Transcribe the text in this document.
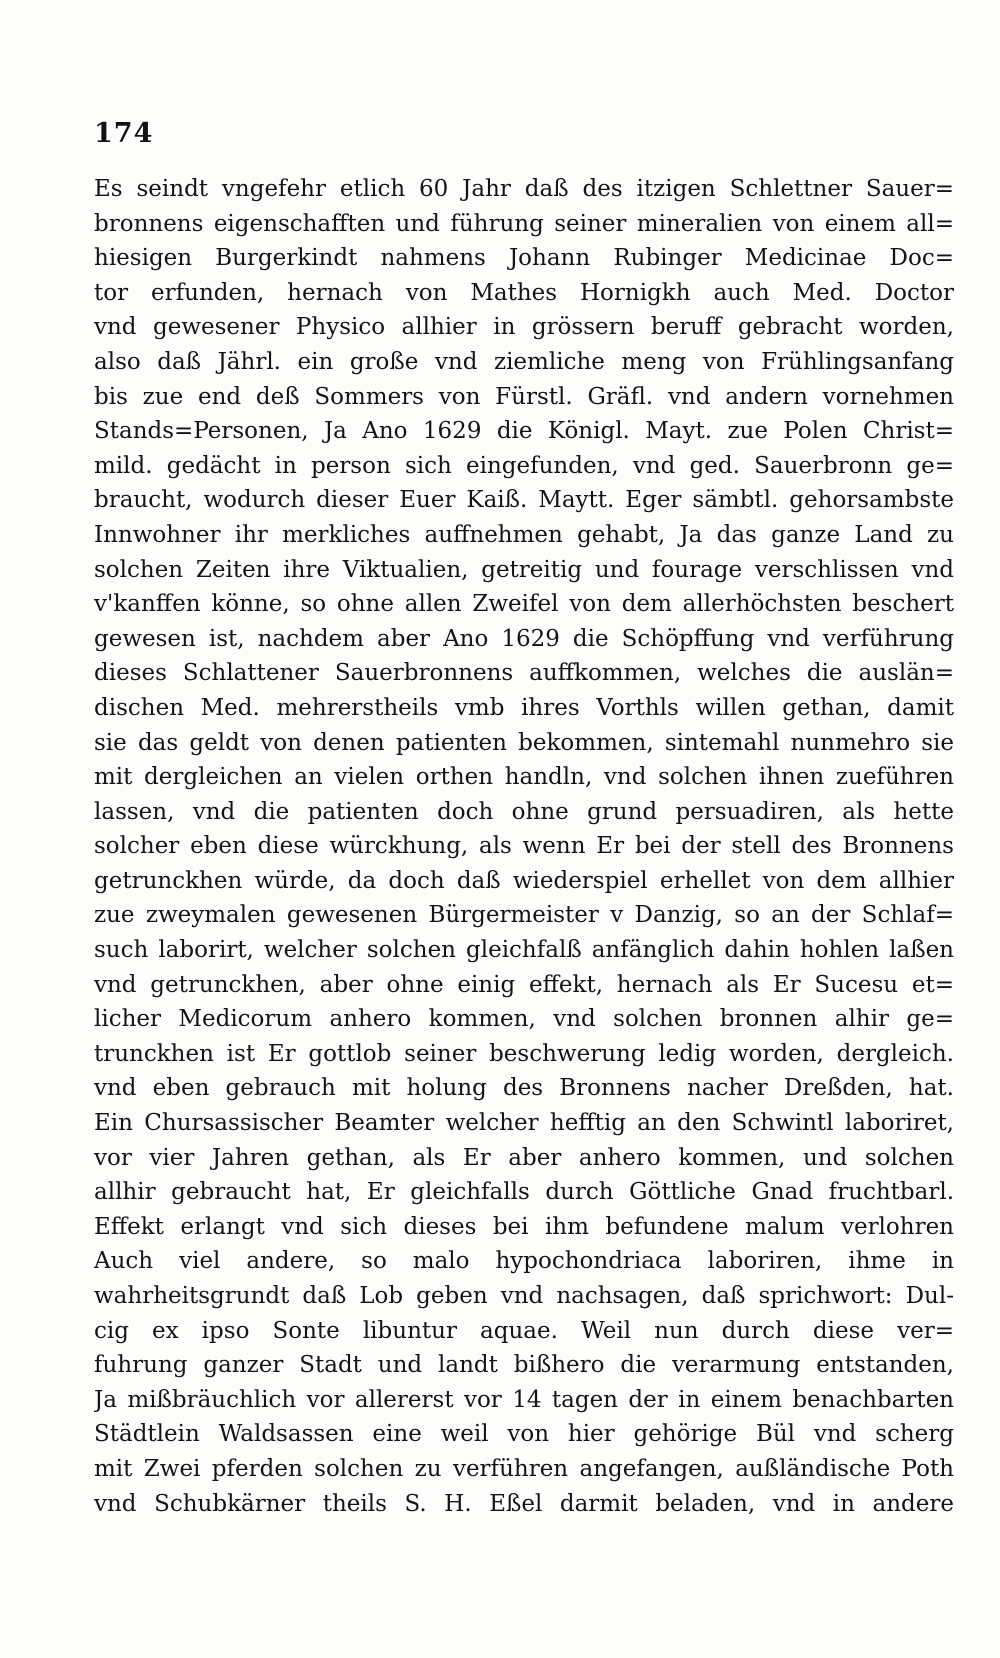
174
Es seindt vngefehr etlich 60 Jahr daß des itzigen Schlettner Sauer=
bronnens eigenschafften und führung seiner mineralien von einem all=
hiesigen Burgerkindt nahmens Johann Rubinger Medicinae Doc=
tor erfunden, hernach von Mathes Hornigkh auch Med. Doctor
vnd gewesener Physico allhier in grössern beruff gebracht worden,
also daß Jährl. ein große vnd ziemliche meng von Frühlingsanfang
bis zue end deß Sommers von Fürstl. Gräfl. vnd andern vornehmen
Stands=Personen, Ja Ano 1629 die Königl. Mayt. zue Polen Christ=
mild. gedächt in person sich eingefunden, vnd ged. Sauerbronn ge=
braucht, wodurch dieser Euer Kaiß. Maytt. Eger sämbtl. gehorsambste
Innwohner ihr merkliches auffnehmen gehabt, Ja das ganze Land zu
solchen Zeiten ihre Viktualien, getreitig und fourage verschlissen vnd
v'kanffen könne, so ohne allen Zweifel von dem allerhöchsten beschert
gewesen ist, nachdem aber Ano 1629 die Schöpffung vnd verführung
dieses Schlattener Sauerbronnens auffkommen, welches die auslän=
dischen Med. mehrerstheils vmb ihres Vorthls willen gethan, damit
sie das geldt von denen patienten bekommen, sintemahl nunmehro sie
mit dergleichen an vielen orthen handln, vnd solchen ihnen zueführen
lassen, vnd die patienten doch ohne grund persuadiren, als hette
solcher eben diese würckhung, als wenn Er bei der stell des Bronnens
getrunckhen würde, da doch daß wiederspiel erhellet von dem allhier
zue zweymalen gewesenen Bürgermeister v Danzig, so an der Schlaf=
such laborirt, welcher solchen gleichfalß anfänglich dahin hohlen laßen
vnd getrunckhen, aber ohne einig effekt, hernach als Er Sucesu et=
licher Medicorum anhero kommen, vnd solchen bronnen alhir ge=
trunckhen ist Er gottlob seiner beschwerung ledig worden, dergleich.
vnd eben gebrauch mit holung des Bronnens nacher Dreßden, hat.
Ein Chursassischer Beamter welcher hefftig an den Schwintl laboriret,
vor vier Jahren gethan, als Er aber anhero kommen, und solchen
allhir gebraucht hat, Er gleichfalls durch Göttliche Gnad fruchtbarl.
Effekt erlangt vnd sich dieses bei ihm befundene malum verlohren
Auch viel andere, so malo hypochondriaca laboriren, ihme in
wahrheitsgrundt daß Lob geben vnd nachsagen, daß sprichwort: Dul-
cig ex ipso Sonte libuntur aquae. Weil nun durch diese ver=
fuhrung ganzer Stadt und landt bißhero die verarmung entstanden,
Ja mißbräuchlich vor allererst vor 14 tagen der in einem benachbarten
Städtlein Waldsassen eine weil von hier gehörige Bül vnd scherg
mit Zwei pferden solchen zu verführen angefangen, außländische Poth
vnd Schubkärner theils S. H. Eßel darmit beladen, vnd in andere
